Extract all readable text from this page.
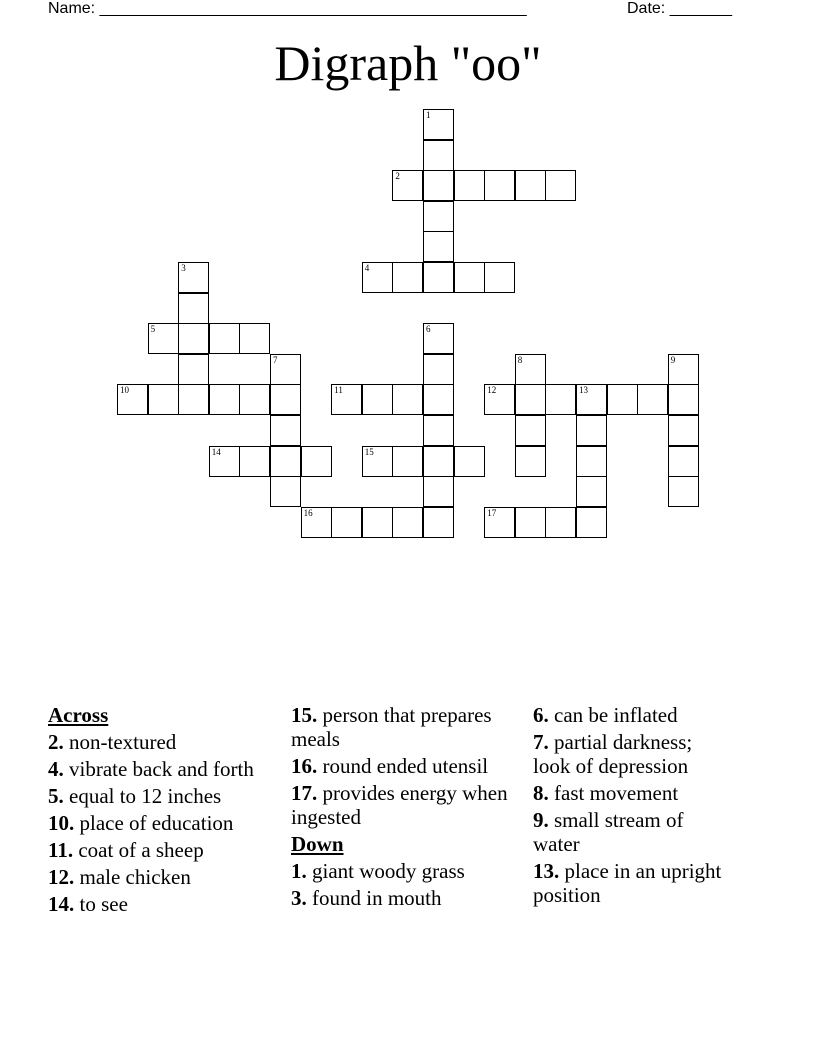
Name: ________________________________________________	Date: _______
Digraph "oo"
1
2
3	4
5	6
7	8	9
10	11	12	13
14	15
16	17
Across
2. non-textured
4. vibrate back and forth
5. equal to 12 inches
10. place of education
11. coat of a sheep
12. male chicken
14. to see
15. person that prepares meals
16. round ended utensil
17. provides energy when ingested
Down
1. giant woody grass
3. found in mouth
6. can be inflated
7. partial darkness; look of depression
8. fast movement
9. small stream of water
13. place in an upright position
